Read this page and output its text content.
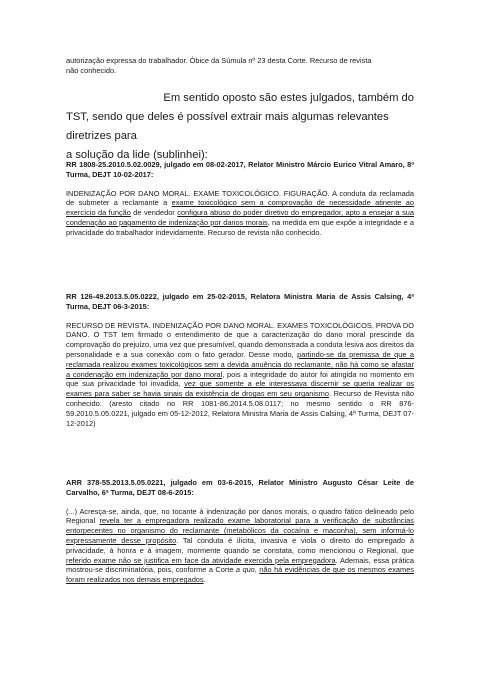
autorização expressa do trabalhador. Óbice da Súmula nº 23 desta Corte. Recurso de revista
não conhecido.

Em sentido oposto são estes julgados, também do

TST, sendo que deles é possível extrair mais algumas relevantes diretrizes para

a solução da lide (sublinhei):

RR 1808-25.2010.5.02.0029, julgado em 08-02-2017, Relator Ministro Márcio Eurico Vitral Amaro, 8ª Turma, DEJT 10-02-2017:

INDENIZAÇÃO POR DANO MORAL. EXAME TOXICOLÓGICO. FIGURAÇÃO. A conduta da reclamada de submeter a reclamante a exame toxicológico sem a comprovação de necessidade atinente ao exercício da função de vendedor configura abuso do poder diretivo do empregador, apto a ensejar a sua condenação ao pagamento de indenização por danos morais, na medida em que expõe a integridade e a privacidade do trabalhador indevidamente. Recurso de revista não conhecido.

RR 126-49.2013.5.05.0222, julgado em 25-02-2015, Relatora Ministra Maria de Assis Calsing, 4ª Turma, DEJT 06-3-2015:

RECURSO DE REVISTA. INDENIZAÇÃO POR DANO MORAL. EXAMES TOXICOLÓGICOS. PROVA DO DANO. O TST tem firmado o entendimento de que a caracterização do dano moral prescinde da comprovação do prejuízo, uma vez que presumível, quando demonstrada a conduta lesiva aos direitos da personalidade e a sua conexão com o fato gerador. Desse modo, partindo-se da premissa de que a reclamada realizou exames toxicológicos sem a devida anuência do reclamante, não há como se afastar a condenação em indenização por dano moral, pois a integridade do autor foi atingida no momento em que sua privacidade foi invadida, vez que somente a ele interessava discernir se queria realizar os exames para saber se havia sinais da existência de drogas em seu organismo. Recurso de Revista não conhecido. (aresto citado no RR 1081-86.2014.5.08.0117; no mesmo sentido o RR 876-59.2010.5.05.0221, julgado em 05-12-2012, Relatora Ministra Maria de Assis Calsing, 4ª Turma, DEJT 07-12-2012)

ARR 378-55.2013.5.05.0221, julgado em 03-6-2015, Relator Ministro Augusto César Leite de Carvalho, 6ª Turma, DEJT 08-6-2015:

(...) Acresça-se, ainda, que, no tocante à indenização por danos morais, o quadro fático delineado pelo Regional revela ter a empregadora realizado exame laboratorial para a verificação de substâncias entorpecentes no organismo do reclamante (metabólicos da cocaína e maconha), sem informá-lo expressamente desse propósito. Tal conduta é ilícita, invasiva e viola o direito do empregado à privacidade, à honra e à imagem, mormente quando se constata, como mencionou o Regional, que referido exame não se justifica em face da atividade exercida pela empregadora. Ademais, essa prática mostrou-se discriminatória, pois, conforme a Corte a quo, não há evidências de que os mesmos exames foram realizados nos demais empregados.
